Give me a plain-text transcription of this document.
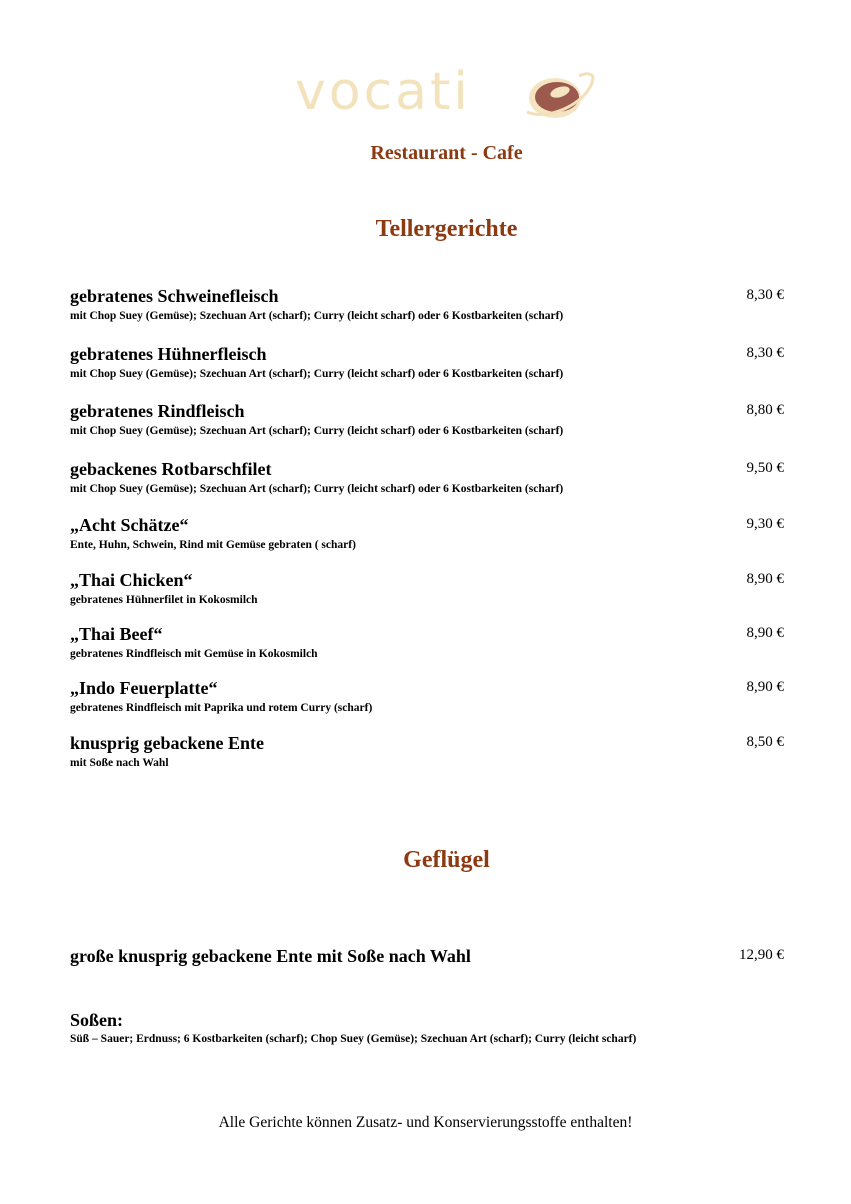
vocati
Restaurant - Cafe
Tellergerichte
gebratenes Schweinefleisch
mit Chop Suey (Gemüse); Szechuan Art (scharf); Curry (leicht scharf) oder 6 Kostbarkeiten (scharf)
8,30 €
gebratenes Hühnerfleisch
mit Chop Suey (Gemüse); Szechuan Art (scharf); Curry (leicht scharf) oder 6 Kostbarkeiten (scharf)
8,30 €
gebratenes Rindfleisch
mit Chop Suey (Gemüse); Szechuan Art (scharf); Curry (leicht scharf) oder 6 Kostbarkeiten (scharf)
8,80 €
gebackenes Rotbarschfilet
mit Chop Suey (Gemüse); Szechuan Art (scharf); Curry (leicht scharf) oder 6 Kostbarkeiten (scharf)
9,50 €
„Acht Schätze“
Ente, Huhn, Schwein, Rind mit Gemüse gebraten ( scharf)
9,30 €
„Thai Chicken“
gebratenes Hühnerfilet in Kokosmilch
8,90 €
„Thai Beef“
gebratenes Rindfleisch mit Gemüse in Kokosmilch
8,90 €
„Indo Feuerplatte“
gebratenes Rindfleisch mit Paprika und rotem Curry (scharf)
8,90 €
knusprig gebackene Ente
mit Soße nach Wahl
8,50 €
Geflügel
große knusprig gebackene Ente mit Soße nach Wahl	12,90 €
Soßen:
Süß – Sauer; Erdnuss; 6 Kostbarkeiten (scharf); Chop Suey (Gemüse); Szechuan Art (scharf); Curry (leicht scharf)
Alle Gerichte können Zusatz- und Konservierungsstoffe enthalten!
